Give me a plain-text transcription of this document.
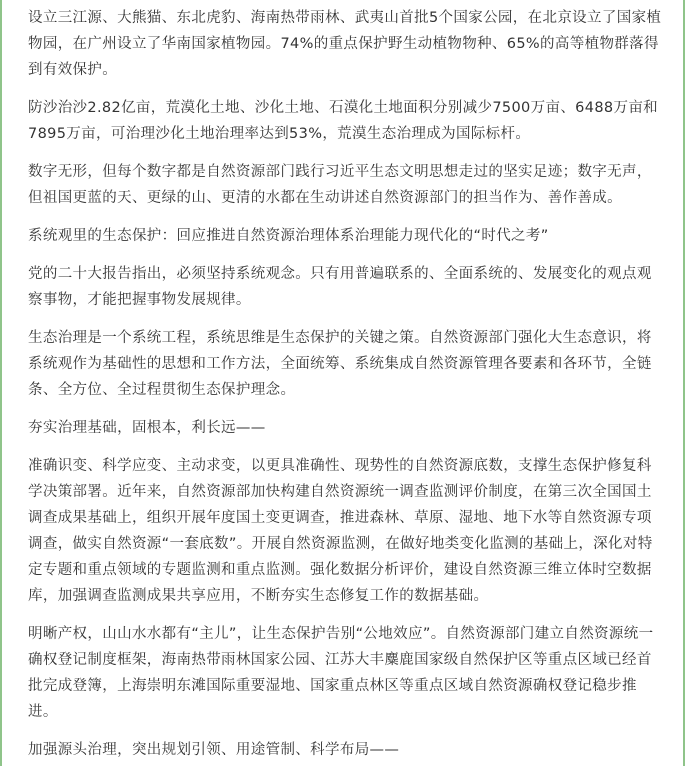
设立三江源、大熊猫、东北虎豹、海南热带雨林、武夷山首批5个国家公园，在北京设立了国家植物园，在广州设立了华南国家植物园。74%的重点保护野生动植物物种、65%的高等植物群落得到有效保护。

防沙治沙2.82亿亩，荒漠化土地、沙化土地、石漠化土地面积分别减少7500万亩、6488万亩和7895万亩，可治理沙化土地治理率达到53%，荒漠生态治理成为国际标杆。

数字无形，但每个数字都是自然资源部门践行习近平生态文明思想走过的坚实足迹；数字无声，但祖国更蓝的天、更绿的山、更清的水都在生动讲述自然资源部门的担当作为、善作善成。

系统观里的生态保护：回应推进自然资源治理体系治理能力现代化的“时代之考”

党的二十大报告指出，必须坚持系统观念。只有用普遍联系的、全面系统的、发展变化的观点观察事物，才能把握事物发展规律。

生态治理是一个系统工程，系统思维是生态保护的关键之策。自然资源部门强化大生态意识，将系统观作为基础性的思想和工作方法，全面统筹、系统集成自然资源管理各要素和各环节，全链条、全方位、全过程贯彻生态保护理念。

夯实治理基础，固根本，利长远——

准确识变、科学应变、主动求变，以更具准确性、现势性的自然资源底数，支撑生态保护修复科学决策部署。近年来，自然资源部加快构建自然资源统一调查监测评价制度，在第三次全国国土调查成果基础上，组织开展年度国土变更调查，推进森林、草原、湿地、地下水等自然资源专项调查，做实自然资源“一套底数”。开展自然资源监测，在做好地类变化监测的基础上，深化对特定专题和重点领域的专题监测和重点监测。强化数据分析评价，建设自然资源三维立体时空数据库，加强调查监测成果共享应用，不断夯实生态修复工作的数据基础。

明晰产权，山山水水都有“主儿”，让生态保护告别“公地效应”。自然资源部门建立自然资源统一确权登记制度框架，海南热带雨林国家公园、江苏大丰麋鹿国家级自然保护区等重点区域已经首批完成登簿，上海崇明东滩国际重要湿地、国家重点林区等重点区域自然资源确权登记稳步推进。

加强源头治理，突出规划引领、用途管制、科学布局——
